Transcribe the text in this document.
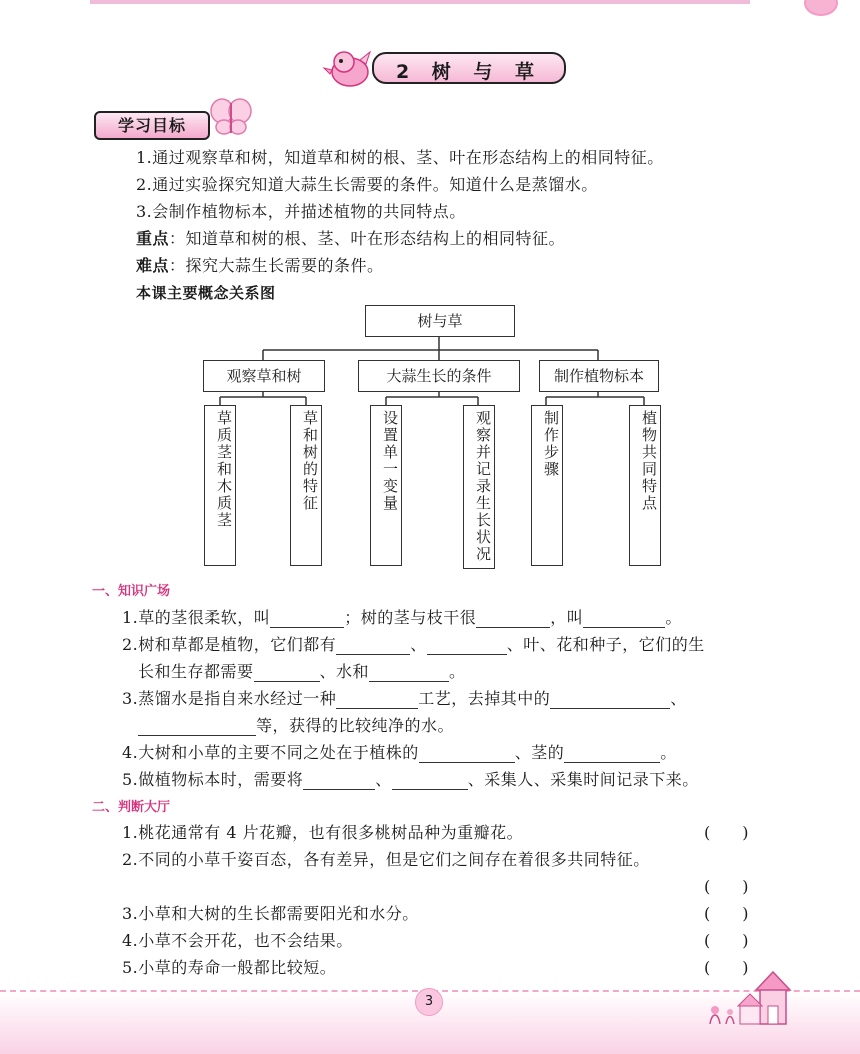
2 树 与 草
学习目标
1.通过观察草和树，知道草和树的根、茎、叶在形态结构上的相同特征。
2.通过实验探究知道大蒜生长需要的条件。知道什么是蒸馏水。
3.会制作植物标本，并描述植物的共同特点。
重点：知道草和树的根、茎、叶在形态结构上的相同特征。
难点：探究大蒜生长需要的条件。
本课主要概念关系图
树与草
观察草和树	大蒜生长的条件	制作植物标本
草质茎和木质茎	草和树的特征	设置单一变量	观察并记录生长状况	制作步骤	植物共同特点
一、知识广场
1.草的茎很柔软，叫	；树的茎与枝干很	，叫	。
2.树和草都是植物，它们都有	、	、叶、花和种子，它们的生
长和生存都需要	、水和	。
3.蒸馏水是指自来水经过一种	工艺，去掉其中的	、
等，获得的比较纯净的水。
4.大树和小草的主要不同之处在于植株的	、茎的	。
5.做植物标本时，需要将	、	、采集人、采集时间记录下来。
二、判断大厅
1.桃花通常有 4 片花瓣，也有很多桃树品种为重瓣花。	(　　)
2.不同的小草千姿百态，各有差异，但是它们之间存在着很多共同特征。
(　　)
3.小草和大树的生长都需要阳光和水分。	(　　)
4.小草不会开花，也不会结果。	(　　)
5.小草的寿命一般都比较短。	(　　)
3
